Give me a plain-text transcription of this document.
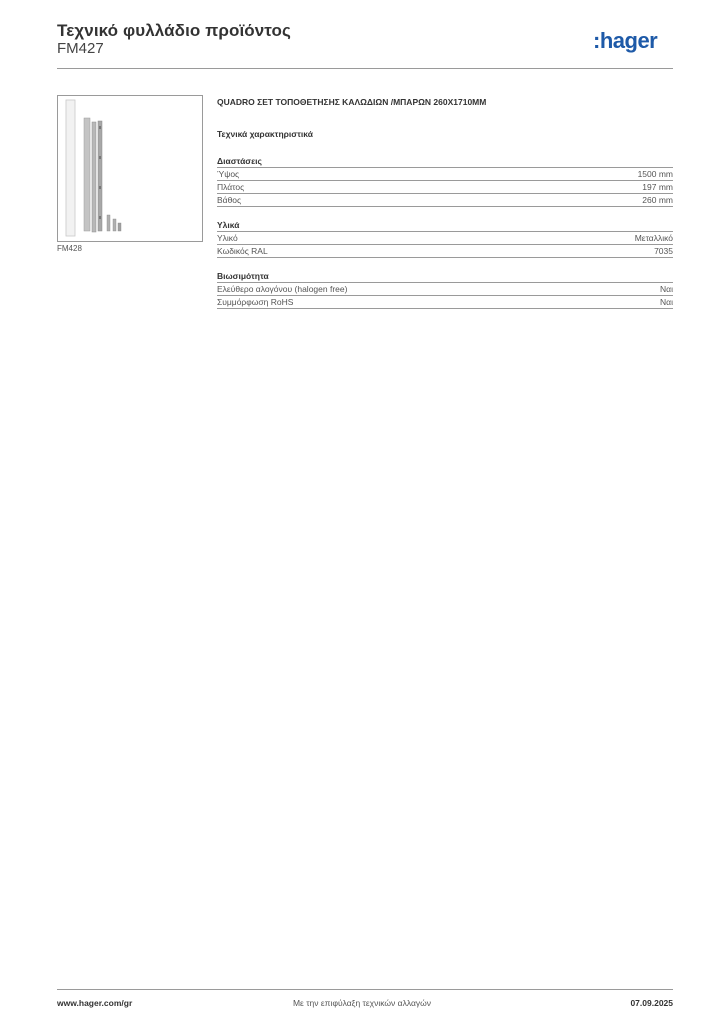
Τεχνικό φυλλάδιο προϊόντος
FM427	:hager
FM428
QUADRO ΣΕΤ ΤΟΠΟΘΕΤΗΣΗΣ ΚΑΛΩΔΙΩΝ /ΜΠΑΡΩΝ 260X1710MM
Τεχνικά χαρακτηριστικά
Διαστάσεις
Ύψος	1500 mm
Πλάτος	197 mm
Βάθος	260 mm
Υλικά
Υλικό	Μεταλλικό
Κωδικός RAL	7035
Βιωσιμότητα
Ελεύθερο αλογόνου (halogen free)	Ναι
Συμμόρφωση RoHS	Ναι
Με την επιφύλαξη τεχνικών αλλαγών
www.hager.com/gr	07.09.2025
